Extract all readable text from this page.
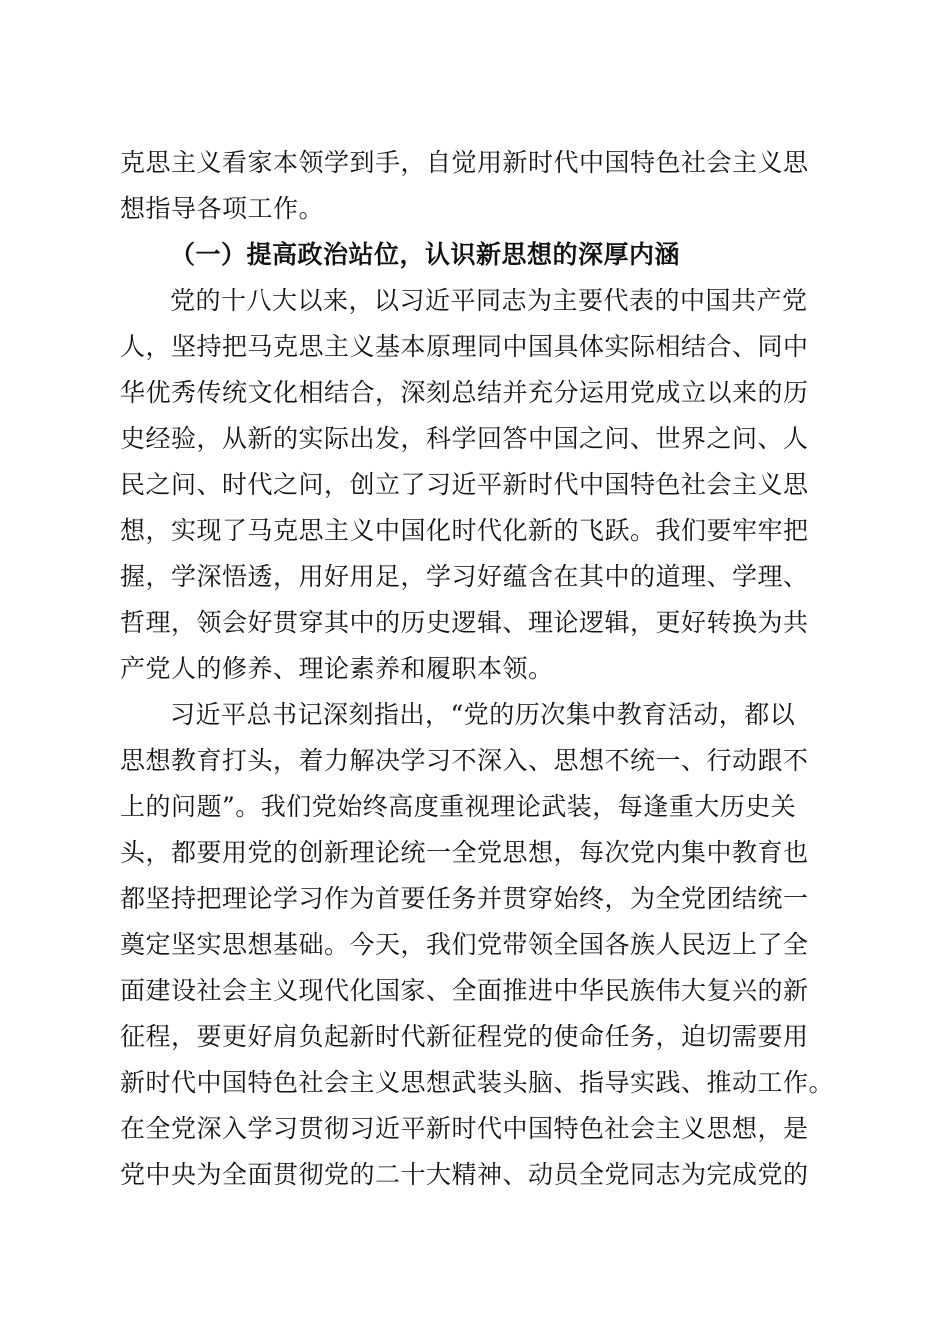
克思主义看家本领学到手，自觉用新时代中国特色社会主义思
想指导各项工作。
（一）提高政治站位，认识新思想的深厚内涵
党的十八大以来，以习近平同志为主要代表的中国共产党
人，坚持把马克思主义基本原理同中国具体实际相结合、同中
华优秀传统文化相结合，深刻总结并充分运用党成立以来的历
史经验，从新的实际出发，科学回答中国之问、世界之问、人
民之问、时代之问，创立了习近平新时代中国特色社会主义思
想，实现了马克思主义中国化时代化新的飞跃。我们要牢牢把
握，学深悟透，用好用足，学习好蕴含在其中的道理、学理、
哲理，领会好贯穿其中的历史逻辑、理论逻辑，更好转换为共
产党人的修养、理论素养和履职本领。
习近平总书记深刻指出，“党的历次集中教育活动，都以
思想教育打头，着力解决学习不深入、思想不统一、行动跟不
上的问题”。我们党始终高度重视理论武装，每逢重大历史关
头，都要用党的创新理论统一全党思想，每次党内集中教育也
都坚持把理论学习作为首要任务并贯穿始终，为全党团结统一
奠定坚实思想基础。今天，我们党带领全国各族人民迈上了全
面建设社会主义现代化国家、全面推进中华民族伟大复兴的新
征程，要更好肩负起新时代新征程党的使命任务，迫切需要用
新时代中国特色社会主义思想武装头脑、指导实践、推动工作。
在全党深入学习贯彻习近平新时代中国特色社会主义思想，是
党中央为全面贯彻党的二十大精神、动员全党同志为完成党的
